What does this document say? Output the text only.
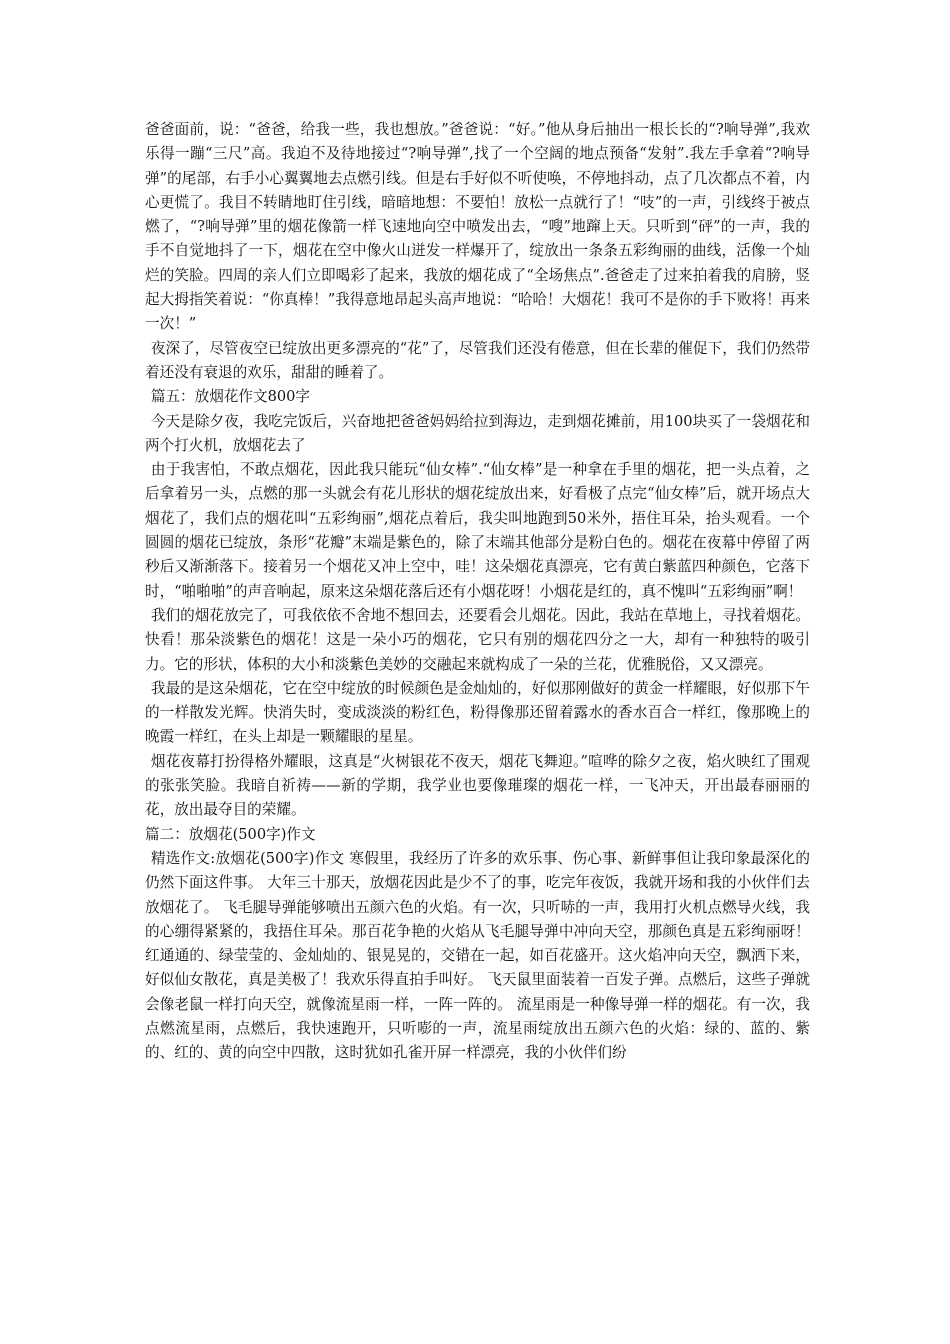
爸爸面前，说：“爸爸，给我一些，我也想放。”爸爸说：“好。”他从身后抽出一根长长的“?响导弹”,我欢乐得一蹦“三尺”高。我迫不及待地接过“?响导弹”,找了一个空阔的地点预备“发射”.我左手拿着“?响导弹”的尾部，右手小心翼翼地去点燃引线。但是右手好似不听使唤，不停地抖动，点了几次都点不着，内心更慌了。我目不转睛地盯住引线，暗暗地想：不要怕！放松一点就行了！“吱”的一声，引线终于被点燃了，“?响导弹”里的烟花像箭一样飞速地向空中喷发出去，“嗖”地蹿上天。只听到“砰”的一声，我的手不自觉地抖了一下，烟花在空中像火山迸发一样爆开了，绽放出一条条五彩绚丽的曲线，活像一个灿烂的笑脸。四周的亲人们立即喝彩了起来，我放的烟花成了“全场焦点”.爸爸走了过来拍着我的肩膀，竖起大拇指笑着说：“你真棒！”我得意地昂起头高声地说：“哈哈！大烟花！我可不是你的手下败将！再来一次！”

夜深了，尽管夜空已绽放出更多漂亮的“花”了，尽管我们还没有倦意，但在长辈的催促下，我们仍然带着还没有衰退的欢乐，甜甜的睡着了。

篇五：放烟花作文800字

今天是除夕夜，我吃完饭后，兴奋地把爸爸妈妈给拉到海边，走到烟花摊前，用100块买了一袋烟花和两个打火机，放烟花去了

由于我害怕，不敢点烟花，因此我只能玩“仙女棒”.“仙女棒”是一种拿在手里的烟花，把一头点着，之后拿着另一头，点燃的那一头就会有花儿形状的烟花绽放出来，好看极了点完“仙女棒”后，就开场点大烟花了，我们点的烟花叫“五彩绚丽”,烟花点着后，我尖叫地跑到50米外，捂住耳朵，抬头观看。一个圆圆的烟花已绽放，条形“花瓣”末端是紫色的，除了末端其他部分是粉白色的。烟花在夜幕中停留了两秒后又渐渐落下。接着另一个烟花又冲上空中，哇！这朵烟花真漂亮，它有黄白紫蓝四种颜色，它落下时，“啪啪啪”的声音响起，原来这朵烟花落后还有小烟花呀！小烟花是红的，真不愧叫“五彩绚丽”啊！

我们的烟花放完了，可我依依不舍地不想回去，还要看会儿烟花。因此，我站在草地上，寻找着烟花。快看！那朵淡紫色的烟花！这是一朵小巧的烟花，它只有别的烟花四分之一大，却有一种独特的吸引力。它的形状，体积的大小和淡紫色美妙的交融起来就构成了一朵的兰花，优雅脱俗，又又漂亮。

我最的是这朵烟花，它在空中绽放的时候颜色是金灿灿的，好似那刚做好的黄金一样耀眼，好似那下午的一样散发光辉。快消失时，变成淡淡的粉红色，粉得像那还留着露水的香水百合一样红，像那晚上的晚霞一样红，在头上却是一颗耀眼的星星。

烟花夜幕打扮得格外耀眼，这真是“火树银花不夜天，烟花飞舞迎。”喧哗的除夕之夜，焰火映红了围观的张张笑脸。我暗自祈祷——新的学期，我学业也要像璀璨的烟花一样，一飞冲天，开出最春丽丽的花，放出最夺目的荣耀。

篇二：放烟花(500字)作文

精选作文:放烟花(500字)作文 寒假里，我经历了许多的欢乐事、伤心事、新鲜事但让我印象最深化的仍然下面这件事。 大年三十那天，放烟花因此是少不了的事，吃完年夜饭，我就开场和我的小伙伴们去放烟花了。 飞毛腿导弹能够喷出五颜六色的火焰。有一次，只听哧的一声，我用打火机点燃导火线，我的心绷得紧紧的，我捂住耳朵。那百花争艳的火焰从飞毛腿导弹中冲向天空，那颜色真是五彩绚丽呀！红通通的、绿莹莹的、金灿灿的、银晃晃的，交错在一起，如百花盛开。这火焰冲向天空，飘洒下来，好似仙女散花，真是美极了！我欢乐得直拍手叫好。 飞天鼠里面装着一百发子弹。点燃后，这些子弹就会像老鼠一样打向天空，就像流星雨一样，一阵一阵的。 流星雨是一种像导弹一样的烟花。有一次，我点燃流星雨，点燃后，我快速跑开，只听嘭的一声，流星雨绽放出五颜六色的火焰：绿的、蓝的、紫的、红的、黄的向空中四散，这时犹如孔雀开屏一样漂亮，我的小伙伴们纷
